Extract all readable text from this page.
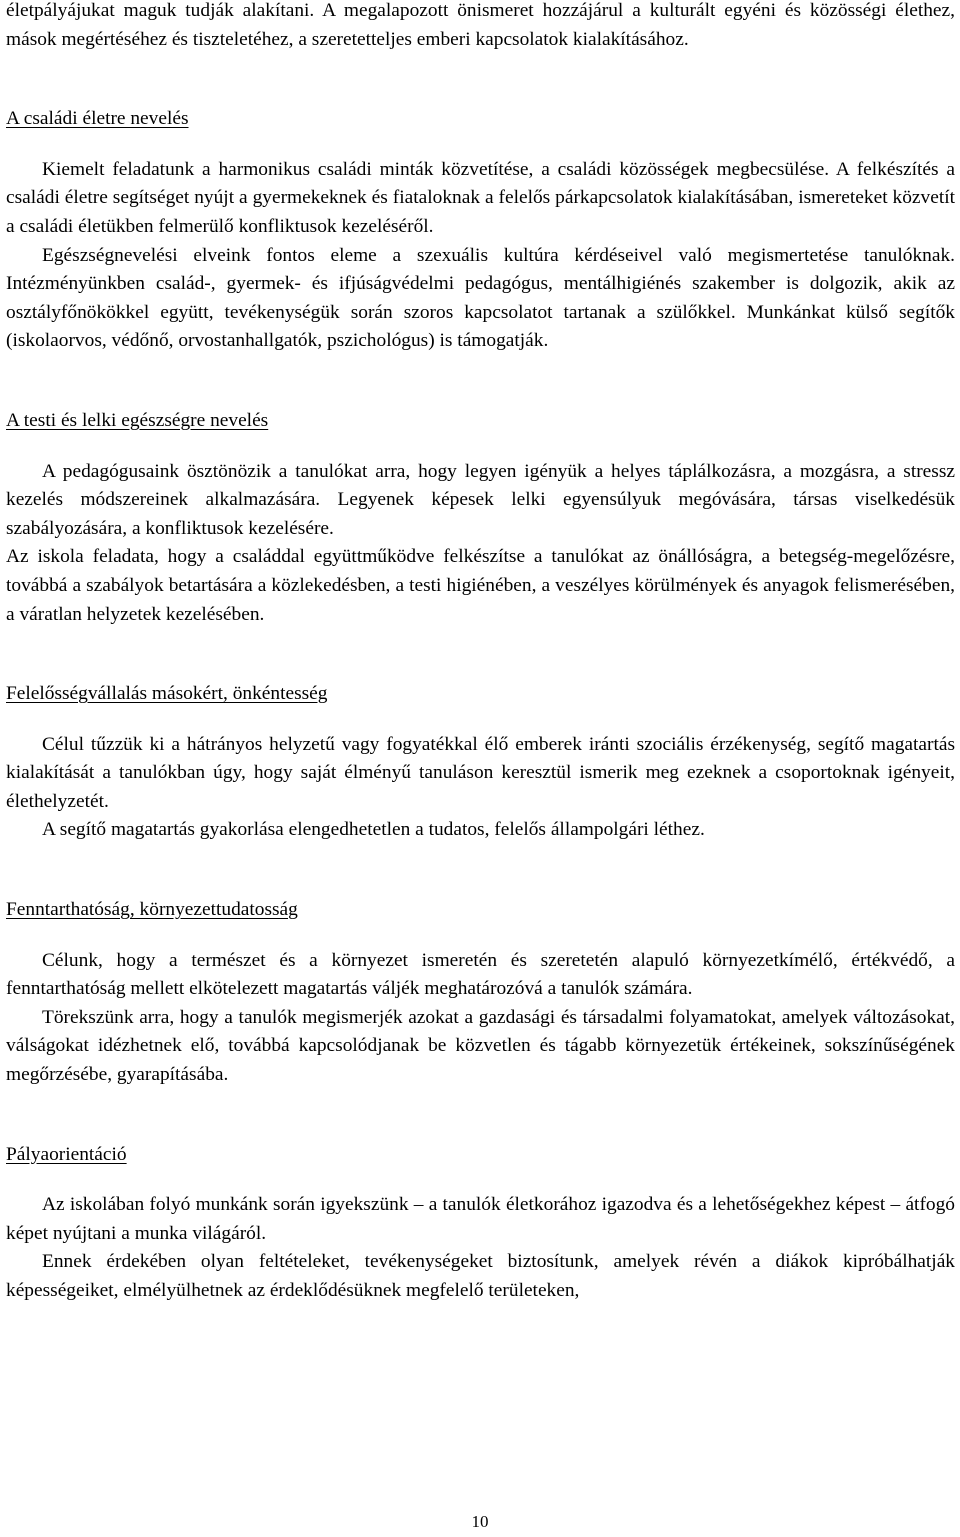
életpályájukat maguk tudják alakítani. A megalapozott önismeret hozzájárul a kulturált egyéni és közösségi élethez, mások megértéséhez és tiszteletéhez, a szeretetteljes emberi kapcsolatok kialakításához.

A családi életre nevelés

Kiemelt feladatunk a harmonikus családi minták közvetítése, a családi közösségek megbecsülése. A felkészítés a családi életre segítséget nyújt a gyermekeknek és fiataloknak a felelős párkapcsolatok kialakításában, ismereteket közvetít a családi életükben felmerülő konfliktusok kezeléséről.

Egészségnevelési elveink fontos eleme a szexuális kultúra kérdéseivel való megismertetése tanulóknak. Intézményünkben család-, gyermek- és ifjúságvédelmi pedagógus, mentálhigiénés szakember is dolgozik, akik az osztályfőnökökkel együtt, tevékenységük során szoros kapcsolatot tartanak a szülőkkel. Munkánkat külső segítők (iskolaorvos, védőnő, orvostanhallgatók, pszichológus) is támogatják.

A testi és lelki egészségre nevelés

A pedagógusaink ösztönözik a tanulókat arra, hogy legyen igényük a helyes táplálkozásra, a mozgásra, a stressz kezelés módszereinek alkalmazására. Legyenek képesek lelki egyensúlyuk megóvására, társas viselkedésük szabályozására, a konfliktusok kezelésére.

Az iskola feladata, hogy a családdal együttműködve felkészítse a tanulókat az önállóságra, a betegség-megelőzésre, továbbá a szabályok betartására a közlekedésben, a testi higiénében, a veszélyes körülmények és anyagok felismerésében, a váratlan helyzetek kezelésében.

Felelősségvállalás másokért, önkéntesség

Célul tűzzük ki a hátrányos helyzetű vagy fogyatékkal élő emberek iránti szociális érzékenység, segítő magatartás kialakítását a tanulókban úgy, hogy saját élményű tanuláson keresztül ismerik meg ezeknek a csoportoknak igényeit, élethelyzetét.

A segítő magatartás gyakorlása elengedhetetlen a tudatos, felelős állampolgári léthez.

Fenntarthatóság, környezettudatosság

Célunk, hogy a természet és a környezet ismeretén és szeretetén alapuló környezetkímélő, értékvédő, a fenntarthatóság mellett elkötelezett magatartás váljék meghatározóvá a tanulók számára.

Törekszünk arra, hogy a tanulók megismerjék azokat a gazdasági és társadalmi folyamatokat, amelyek változásokat, válságokat idézhetnek elő, továbbá kapcsolódjanak be közvetlen és tágabb környezetük értékeinek, sokszínűségének megőrzésébe, gyarapításába.

Pályaorientáció

Az iskolában folyó munkánk során igyekszünk – a tanulók életkorához igazodva és a lehetőségekhez képest – átfogó képet nyújtani a munka világáról.

Ennek érdekében olyan feltételeket, tevékenységeket biztosítunk, amelyek révén a diákok kipróbálhatják képességeiket, elmélyülhetnek az érdeklődésüknek megfelelő területeken,

10
